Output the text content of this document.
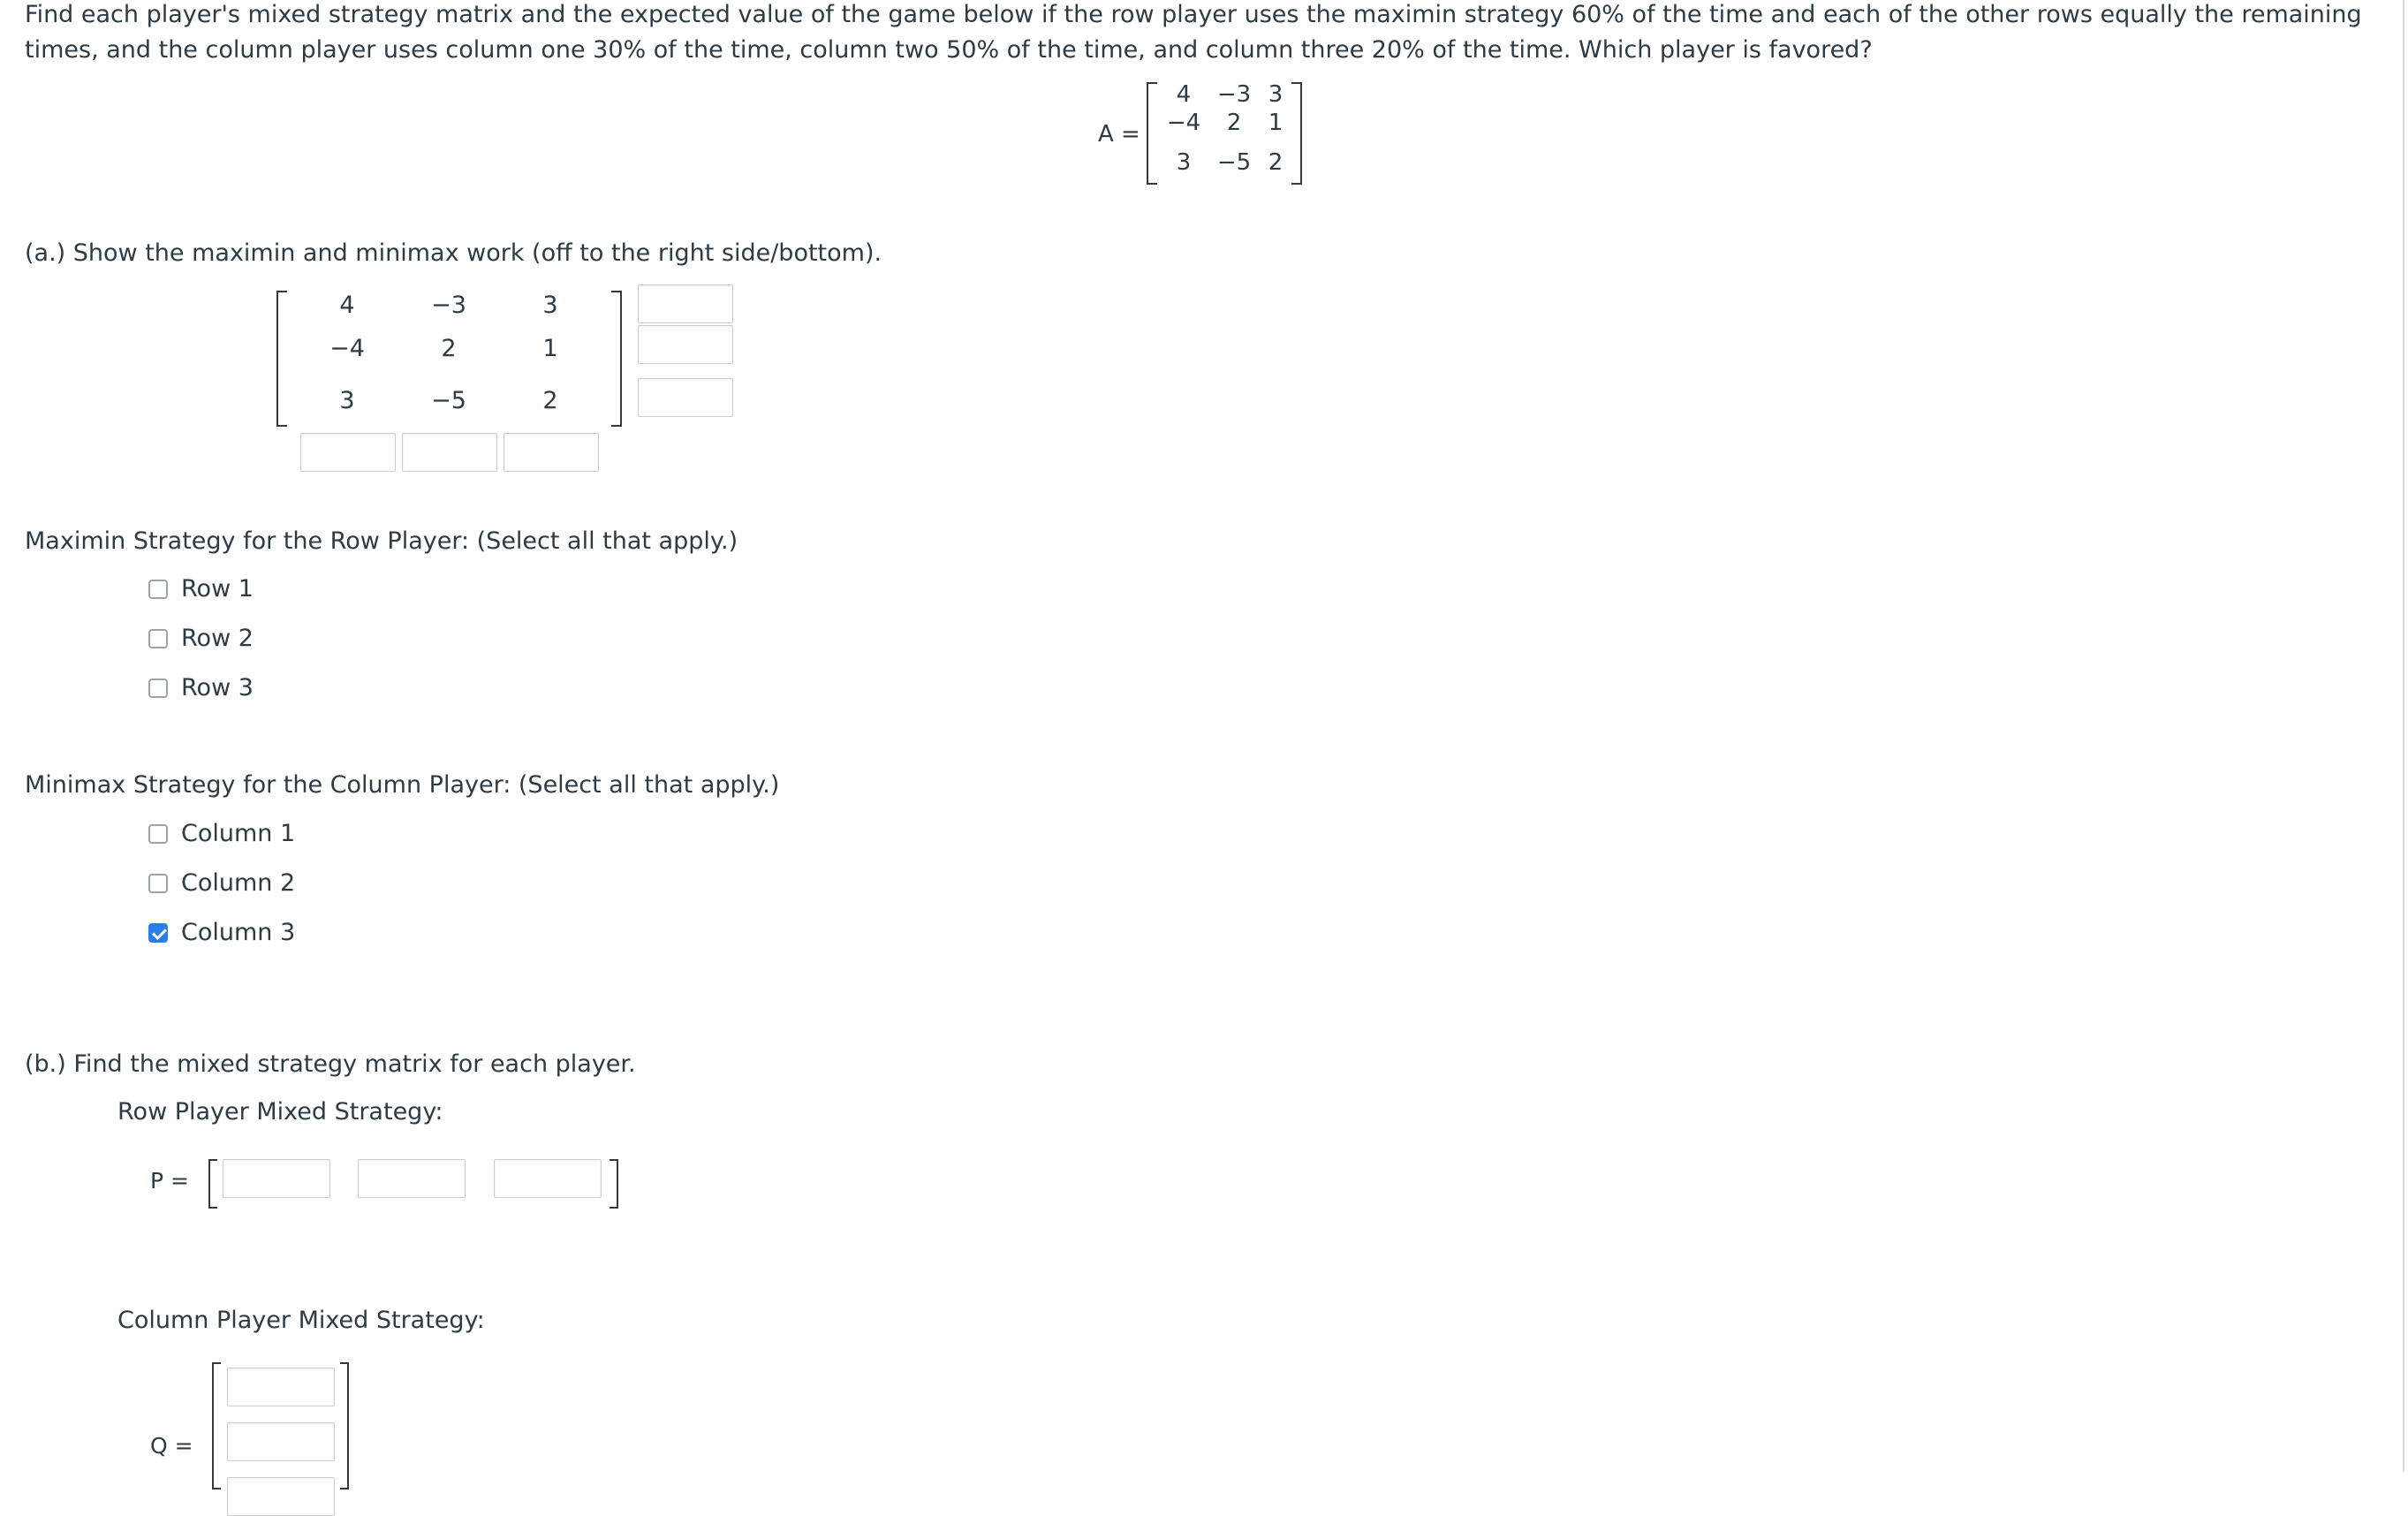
Find each player's mixed strategy matrix and the expected value of the game below if the row player uses the maximin strategy 60% of the time and each of the other rows equally the remaining
times, and the column player uses column one 30% of the time, column two 50% of the time, and column three 20% of the time. Which player is favored?
A =
4	−3 3
−4	2	1
3	−5 2
(a.) Show the maximin and minimax work (off to the right side/bottom).
4	−3	3
−4	2	1
3	−5	2
Maximin Strategy for the Row Player: (Select all that apply.)
Row 1
Row 2
Row 3
Minimax Strategy for the Column Player: (Select all that apply.)
Column 1
Column 2
Column 3
(b.) Find the mixed strategy matrix for each player.
Row Player Mixed Strategy:
P =
Column Player Mixed Strategy:
Q =
